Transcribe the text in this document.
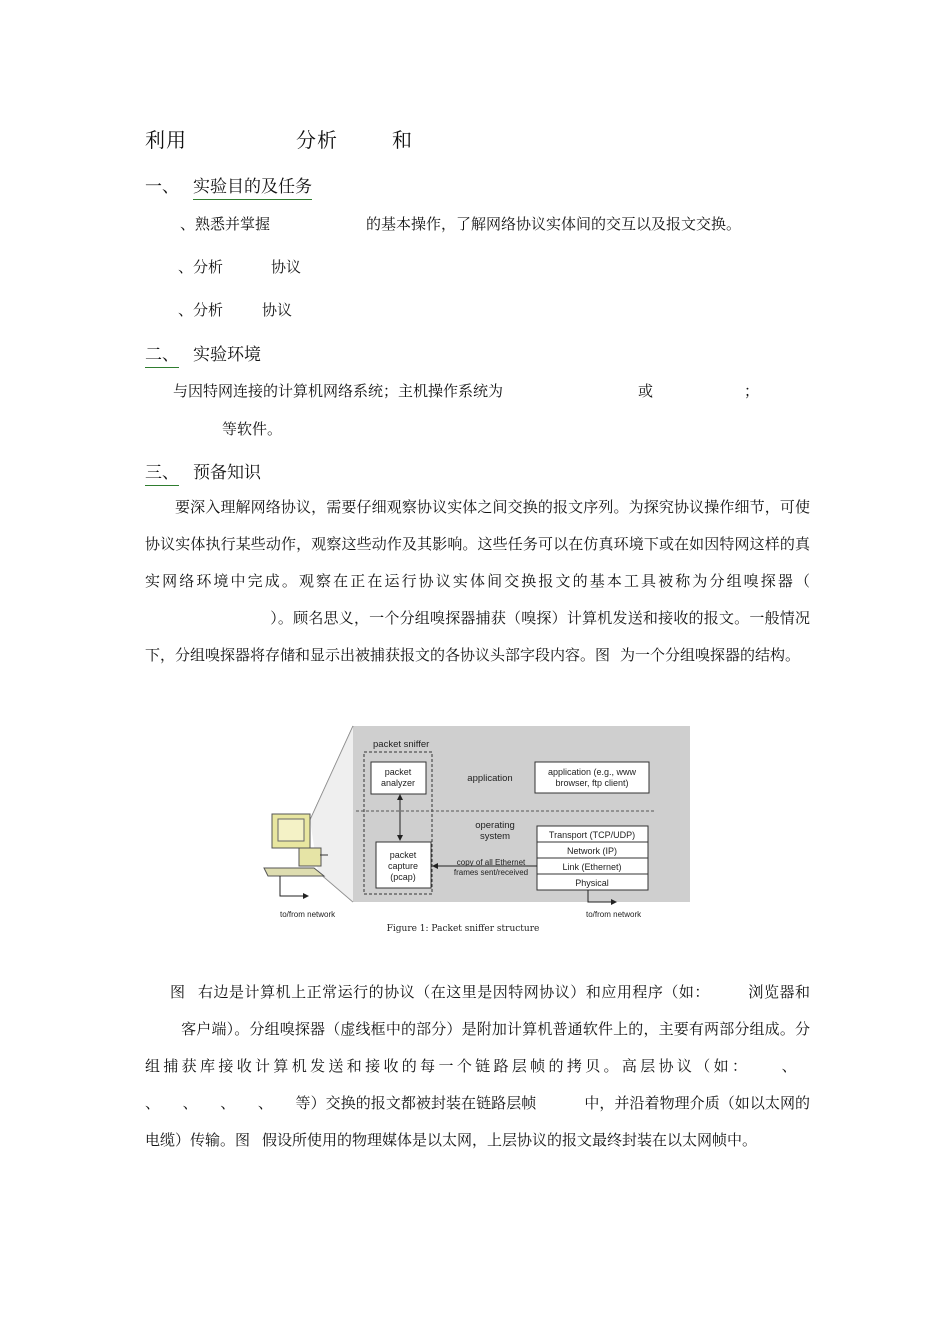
利用	分析	和
一、 实验目的及任务
、熟悉并掌握	的基本操作，了解网络协议实体间的交互以及报文交换。
、分析	协议
、分析	协议
二、 实验环境
与因特网连接的计算机网络系统；主机操作系统为	或	；
等软件。
三、 预备知识
要深入理解网络协议，需要仔细观察协议实体之间交换的报文序列。为探究协议操作细节，可使协议实体执行某些动作，观察这些动作及其影响。这些任务可以在仿真环境下或在如因特网这样的真实网络环境中完成。观察在正在运行协议实体间交换报文的基本工具被称为分组嗅探器（）。顾名思义，一个分组嗅探器捕获（嗅探）计算机发送和接收的报文。一般情况下，分组嗅探器将存储和显示出被捕获报文的各协议头部字段内容。图 为一个分组嗅探器的结构。
packet sniffer
packet
analyzer	application
application (e.g., www
browser, ftp client)
operating
system	Transport (TCP/UDP)
Network (IP)
Link (Ethernet)
Physical
packet
capture
(pcap)
copy of all Ethernet
frames sent/received
to/from network	to/from network
Figure 1: Packet sniffer structure
图 右边是计算机上正常运行的协议（在这里是因特网协议）和应用程序（如：	浏览器和客户端）。分组嗅探器（虚线框中的部分）是附加计算机普通软件上的，主要有两部分组成。分组捕获库接收计算机发送和接收的每一个链路层帧的拷贝。高层协议（如： 、、　　、　　、　　、　　等）交换的报文都被封装在链路层帧	中，并沿着物理介质（如以太网的电缆）传输。图 假设所使用的物理媒体是以太网，上层协议的报文最终封装在以太网帧中。
